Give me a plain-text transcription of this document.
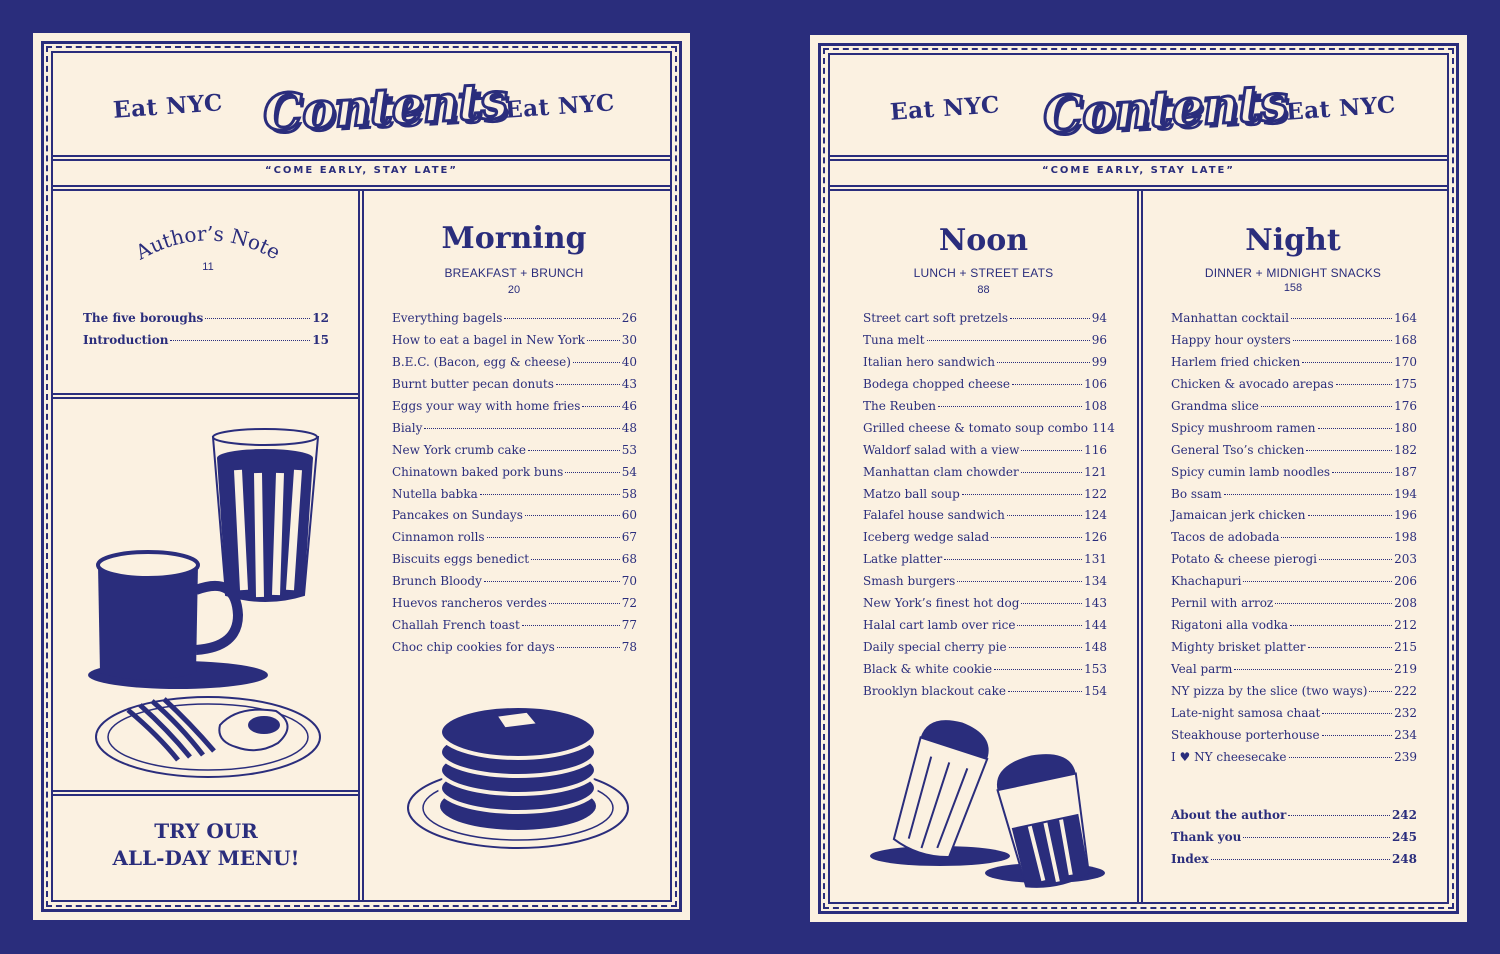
Eat NYC Contents
Eat NYC
“COME EARLY, STAY LATE”
Author’s Note
11
The five boroughs	12
Introduction	15
TRY OUR
ALL-DAY MENU!
Morning
BREAKFAST + BRUNCH
20
Everything bagels	26
How to eat a bagel in New York	30
B.E.C. (Bacon, egg & cheese)	40
Burnt butter pecan donuts	43
Eggs your way with home fries	46
Bialy	48
New York crumb cake	53
Chinatown baked pork buns	54
Nutella babka	58
Pancakes on Sundays	60
Cinnamon rolls	67
Biscuits eggs benedict	68
Brunch Bloody	70
Huevos rancheros verdes	72
Challah French toast	77
Choc chip cookies for days	78
Eat NYC Contents
Eat NYC
“COME EARLY, STAY LATE”
Noon
LUNCH + STREET EATS
88
Street cart soft pretzels	94
Tuna melt	96
Italian hero sandwich	99
Bodega chopped cheese	106
The Reuben	108
Grilled cheese & tomato soup combo 114
Waldorf salad with a view	116
Manhattan clam chowder	121
Matzo ball soup	122
Falafel house sandwich	124
Iceberg wedge salad	126
Latke platter	131
Smash burgers	134
New York’s finest hot dog	143
Halal cart lamb over rice	144
Daily special cherry pie	148
Black & white cookie	153
Brooklyn blackout cake	154
Night
DINNER + MIDNIGHT SNACKS
158
Manhattan cocktail	164
Happy hour oysters	168
Harlem fried chicken	170
Chicken & avocado arepas	175
Grandma slice	176
Spicy mushroom ramen	180
General Tso’s chicken	182
Spicy cumin lamb noodles	187
Bo ssam	194
Jamaican jerk chicken	196
Tacos de adobada	198
Potato & cheese pierogi	203
Khachapuri	206
Pernil with arroz	208
Rigatoni alla vodka	212
Mighty brisket platter	215
Veal parm	219
NY pizza by the slice (two ways) 222
Late-night samosa chaat	232
Steakhouse porterhouse	234
I ♥ NY cheesecake	239
About the author	242
Thank you	245
Index	248
